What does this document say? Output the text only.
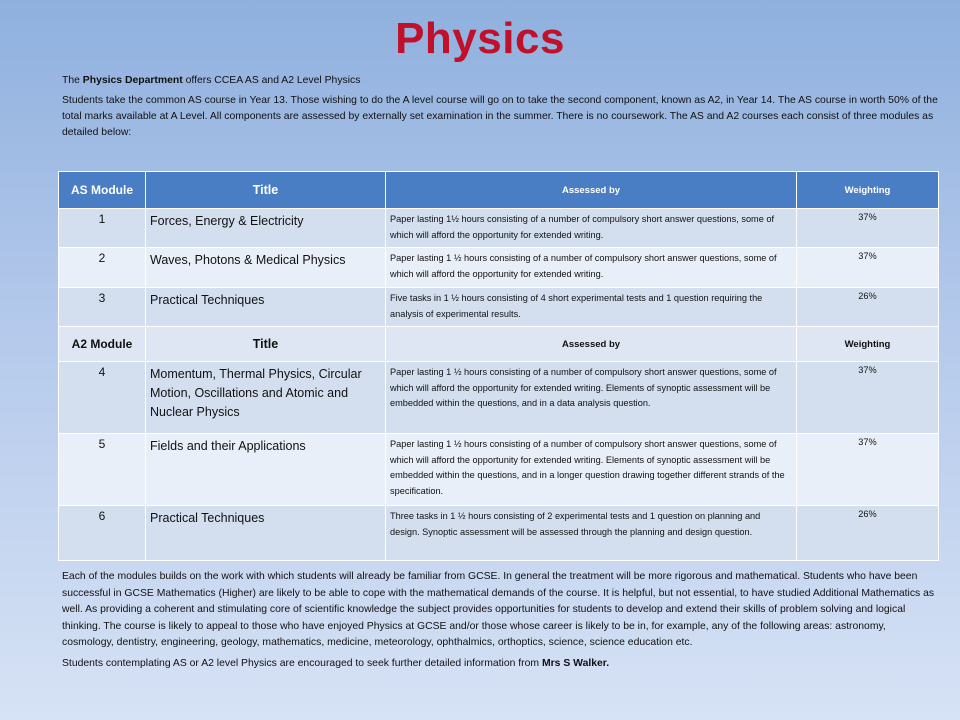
Physics

The Physics Department offers CCEA AS and A2 Level Physics

Students take the common AS course in Year 13. Those wishing to do the A level course will go on to take the second component, known as A2, in Year 14. The AS course in worth 50% of the total marks available at A Level. All components are assessed by externally set examination in the summer. There is no coursework. The AS and A2 courses each consist of three modules as detailed below:

AS Module	Title	Assessed by	Weighting
1	Forces, Energy & Electricity	Paper lasting 1½ hours consisting of a number of compulsory short answer questions, some of which will afford the opportunity for extended writing.	37%
2	Waves, Photons & Medical Physics	Paper lasting 1 ½ hours consisting of a number of compulsory short answer questions, some of which will afford the opportunity for extended writing.	37%
3	Practical Techniques	Five tasks in 1 ½ hours consisting of 4 short experimental tests and 1 question requiring the analysis of experimental results.	26%
A2 Module	Title	Assessed by	Weighting
4	Momentum, Thermal Physics, Circular Motion, Oscillations and Atomic and Nuclear Physics	Paper lasting 1 ½ hours consisting of a number of compulsory short answer questions, some of which will afford the opportunity for extended writing. Elements of synoptic assessment will be embedded within the questions, and in a data analysis question.	37%
5	Fields and their Applications	Paper lasting 1 ½ hours consisting of a number of compulsory short answer questions, some of which will afford the opportunity for extended writing. Elements of synoptic assessment will be embedded within the questions, and in a longer question drawing together different strands of the specification.	37%
6	Practical Techniques	Three tasks in 1 ½ hours consisting of 2 experimental tests and 1 question on planning and design. Synoptic assessment will be assessed through the planning and design question.	26%

Each of the modules builds on the work with which students will already be familiar from GCSE. In general the treatment will be more rigorous and mathematical. Students who have been successful in GCSE Mathematics (Higher) are likely to be able to cope with the mathematical demands of the course. It is helpful, but not essential, to have studied Additional Mathematics as well. As providing a coherent and stimulating core of scientific knowledge the subject provides opportunities for students to develop and extend their skills of problem solving and logical thinking. The course is likely to appeal to those who have enjoyed Physics at GCSE and/or those whose career is likely to be in, for example, any of the following areas: astronomy, cosmology, dentistry, engineering, geology, mathematics, medicine, meteorology, ophthalmics, orthoptics, science, science education etc.

Students contemplating AS or A2 level Physics are encouraged to seek further detailed information from Mrs S Walker.
